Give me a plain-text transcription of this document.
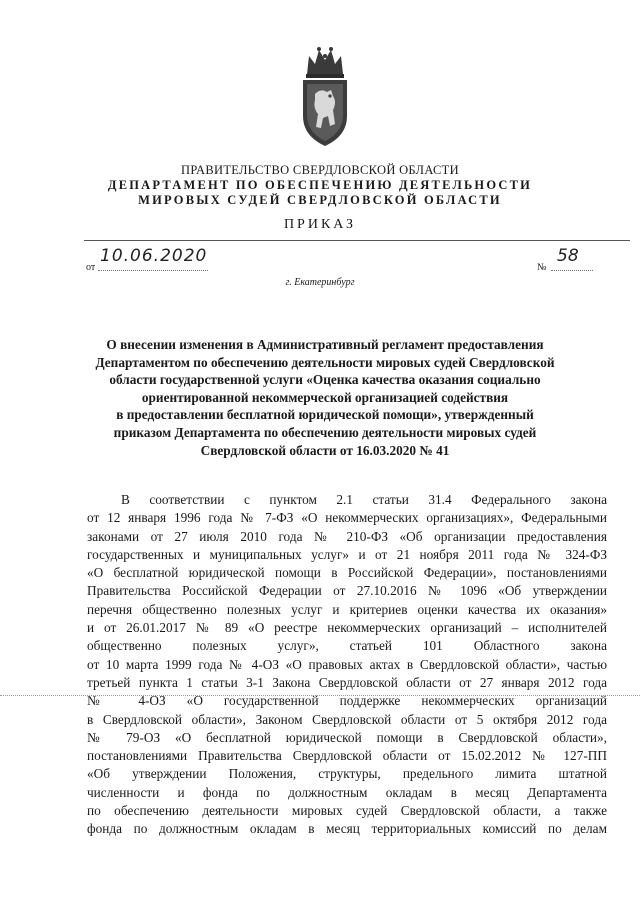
ПРАВИТЕЛЬСТВО СВЕРДЛОВСКОЙ ОБЛАСТИ
ДЕПАРТАМЕНТ ПО ОБЕСПЕЧЕНИЮ ДЕЯТЕЛЬНОСТИ
МИРОВЫХ СУДЕЙ СВЕРДЛОВСКОЙ ОБЛАСТИ
ПРИКАЗ
от
10.06.2020
№
58
г. Екатеринбург
О внесении изменения в Административный регламент предоставления
Департаментом по обеспечению деятельности мировых судей Свердловской
области государственной услуги «Оценка качества оказания социально
ориентированной некоммерческой организацией содействия
в предоставлении бесплатной юридической помощи», утвержденный
приказом Департамента по обеспечению деятельности мировых судей
Свердловской области от 16.03.2020 № 41
В соответствии с пунктом 2.1 статьи 31.4 Федерального закона
от 12 января 1996 года № 7-ФЗ «О некоммерческих организациях», Федеральными
законами от 27 июля 2010 года № 210-ФЗ «Об организации предоставления
государственных и муниципальных услуг» и от 21 ноября 2011 года № 324-ФЗ
«О бесплатной юридической помощи в Российской Федерации», постановлениями
Правительства Российской Федерации от 27.10.2016 № 1096 «Об утверждении
перечня общественно полезных услуг и критериев оценки качества их оказания»
и от 26.01.2017 № 89 «О реестре некоммерческих организаций – исполнителей
общественно полезных услуг», статьей 101 Областного закона
от 10 марта 1999 года № 4-ОЗ «О правовых актах в Свердловской области», частью
третьей пункта 1 статьи 3-1 Закона Свердловской области от 27 января 2012 года
№ 4-ОЗ «О государственной поддержке некоммерческих организаций
в Свердловской области», Законом Свердловской области от 5 октября 2012 года
№ 79-ОЗ «О бесплатной юридической помощи в Свердловской области»,
постановлениями Правительства Свердловской области от 15.02.2012 № 127-ПП
«Об утверждении Положения, структуры, предельного лимита штатной
численности и фонда по должностным окладам в месяц Департамента
по обеспечению деятельности мировых судей Свердловской области, а также
фонда по должностным окладам в месяц территориальных комиссий по делам
